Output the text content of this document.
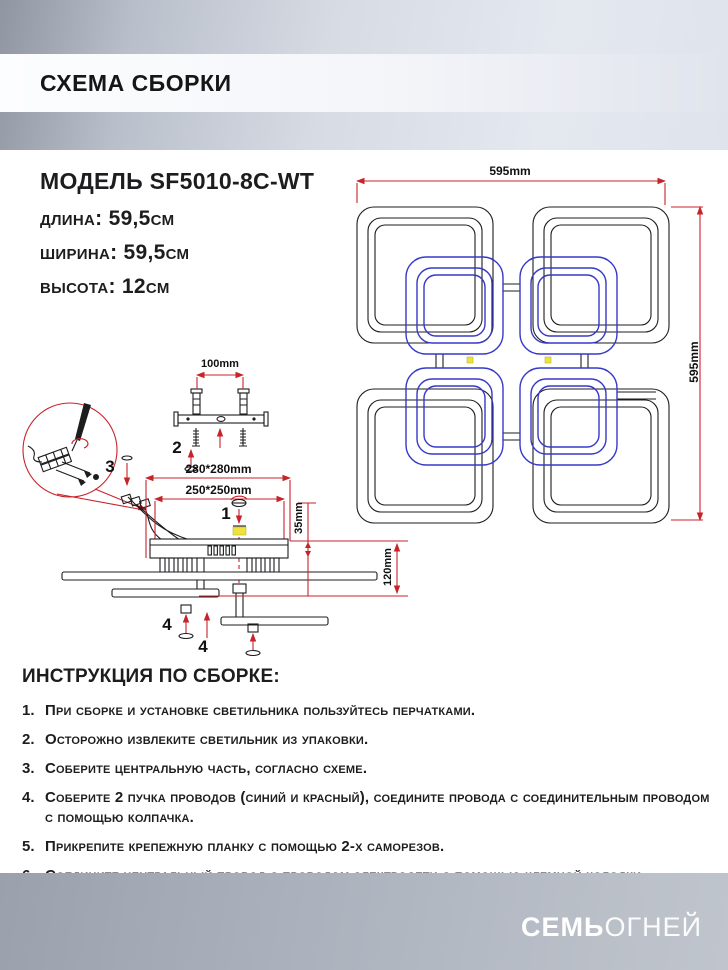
СХЕМА СБОРКИ
МОДЕЛЬ SF5010-8C-WT
длина: 59,5см
ширина: 59,5см
высота: 12см
595mm
595mm
100mm
280*280mm
250*250mm
35mm
120mm
1
2
3
4
4
ИНСТРУКЦИЯ ПО СБОРКЕ:
1. При сборке и установке светильника пользуйтесь перчатками.
2. Осторожно извлеките светильник из упаковки.
3. Соберите центральную часть, согласно схеме.
4. Соберите 2 пучка проводов (синий и красный), соедините провода с соединительным проводом с помощью колпачка.
5. Прикрепите крепежную планку с помощью 2-х саморезов.
СЕМЬОГНЕЙ
